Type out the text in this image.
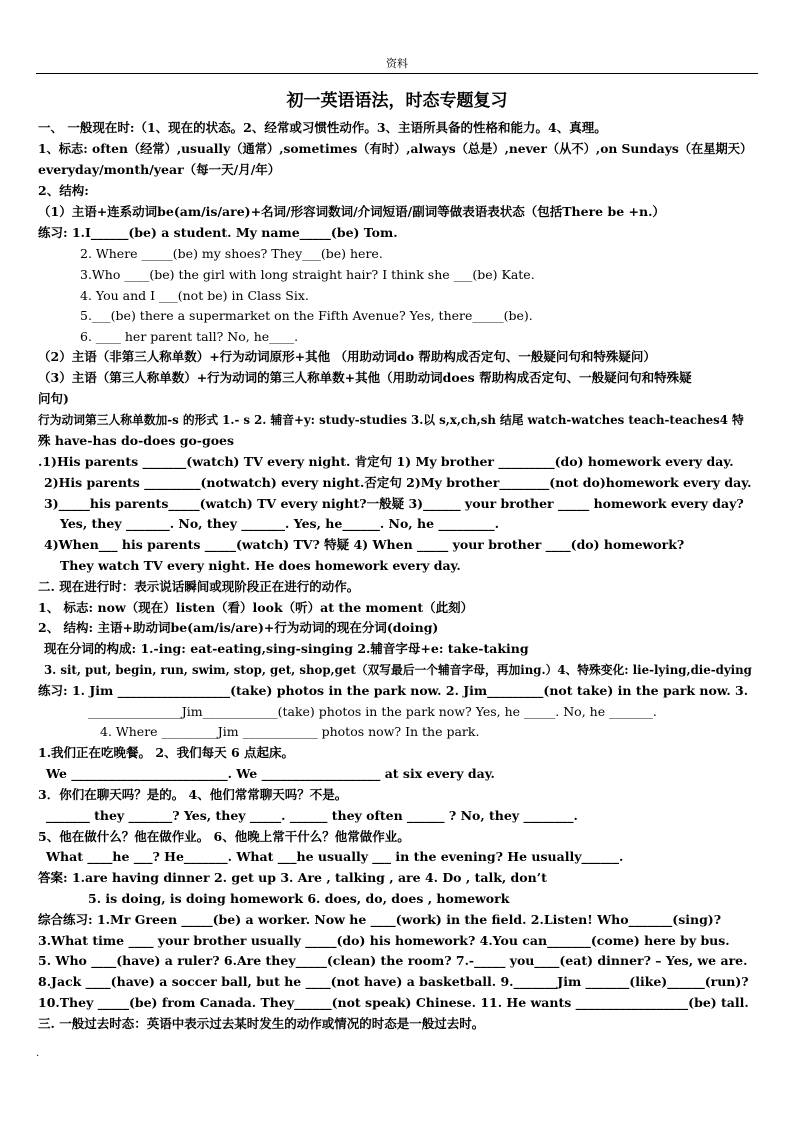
资料
初一英语语法，时态专题复习
一、 一般现在时:（1、现在的状态。2、经常或习惯性动作。3、主语所具备的性格和能力。4、真理。
1、标志: often（经常）,usually（通常）,sometimes（有时）,always（总是）,never（从不）,on Sundays（在星期天）
everyday/month/year（每一天/月/年）
2、结构:
（1）主语+连系动词be(am/is/are)+名词/形容词数词/介词短语/副词等做表语表状态（包括There be +n.）
练习: 1.I______(be) a student. My name_____(be) Tom.
2. Where _____(be) my shoes? They___(be) here.
3.Who ____(be) the girl with long straight hair? I think she ___(be) Kate.
4. You and I ___(not be) in Class Six.
5.___(be) there a supermarket on the Fifth Avenue? Yes, there_____(be).
6. ____ her parent tall? No, he____.
（2）主语（非第三人称单数）+行为动词原形+其他 （用助动词do 帮助构成否定句、一般疑问句和特殊疑问）
（3）主语（第三人称单数）+行为动词的第三人称单数+其他（用助动词does 帮助构成否定句、一般疑问句和特殊疑
问句)
行为动词第三人称单数加-s 的形式 1.- s 2. 辅音+y: study-studies 3.以 s,x,ch,sh 结尾 watch-watches teach-teaches4 特
殊 have-has do-does go-goes
.1)His parents _______(watch) TV every night. 肯定句 1) My brother _________(do) homework every day.
2)His parents _________(notwatch) every night.否定句 2)My brother________(not do)homework every day.
3)_____his parents_____(watch) TV every night?一般疑 3)______ your brother _____ homework every day?
Yes, they _______. No, they _______. Yes, he______. No, he _________.
4)When___ his parents _____(watch) TV? 特疑 4) When _____ your brother ____(do) homework?
They watch TV every night. He does homework every day.
二. 现在进行时：表示说话瞬间或现阶段正在进行的动作。
1、 标志: now（现在）listen（看）look（听）at the moment（此刻）
2、 结构: 主语+助动词be(am/is/are)+行为动词的现在分词(doing)
现在分词的构成: 1.-ing: eat-eating,sing-singing 2.辅音字母+e: take-taking
3. sit, put, begin, run, swim, stop, get, shop,get（双写最后一个辅音字母，再加ing.）4、特殊变化: lie-lying,die-dying
练习: 1. Jim __________________(take) photos in the park now. 2. Jim_________(not take) in the park now. 3.
_______________Jim____________(take) photos in the park now? Yes, he _____. No, he _______.
4. Where _________Jim ____________ photos now? In the park.
1.我们正在吃晚餐。 2、我们每天 6 点起床。
We _________________________. We ___________________ at six every day.
3．你们在聊天吗？是的。 4、他们常常聊天吗？不是。
_______ they _______? Yes, they _____. ______ they often ______ ? No, they ________.
5、他在做什么？他在做作业。 6、他晚上常干什么？他常做作业。
What ____he ___? He_______. What ___he usually ___ in the evening? He usually______.
答案: 1.are having dinner 2. get up 3. Are , talking , are 4. Do , talk, don’t
5. is doing, is doing homework 6. does, do, does , homework
综合练习: 1.Mr Green _____(be) a worker. Now he ____(work) in the field. 2.Listen! Who_______(sing)?
3.What time ____ your brother usually _____(do) his homework? 4.You can_______(come) here by bus.
5. Who ____(have) a ruler? 6.Are they_____(clean) the room? 7.-_____ you____(eat) dinner? – Yes, we are.
8.Jack ____(have) a soccer ball, but he ____(not have) a basketball. 9._______Jim _______(like)______(run)?
10.They _____(be) from Canada. They______(not speak) Chinese. 11. He wants __________________(be) tall.
三. 一般过去时态：英语中表示过去某时发生的动作或情况的时态是一般过去时。
.
